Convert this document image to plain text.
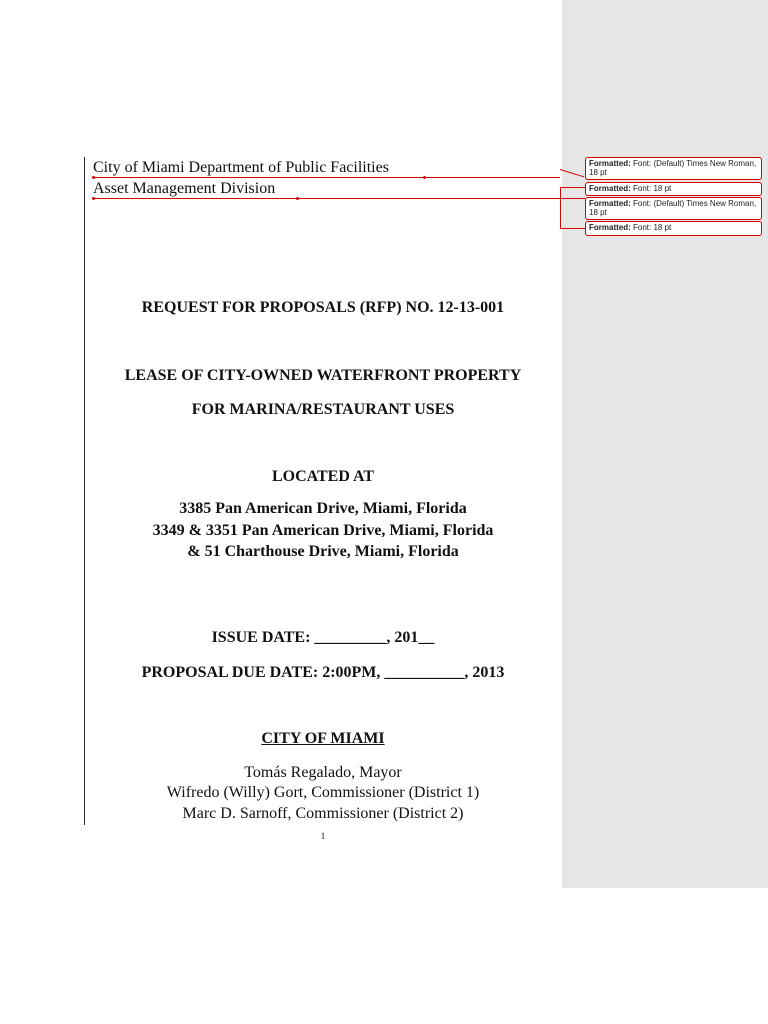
City of Miami Department of Public Facilities
Asset Management Division
Formatted: Font: (Default) Times New Roman, 18 pt
Formatted: Font: 18 pt
Formatted: Font: (Default) Times New Roman, 18 pt
Formatted: Font: 18 pt
REQUEST FOR PROPOSALS (RFP) NO. 12-13-001
LEASE OF CITY-OWNED WATERFRONT PROPERTY
FOR MARINA/RESTAURANT USES
LOCATED AT
3385 Pan American Drive, Miami, Florida
3349 & 3351 Pan American Drive, Miami, Florida
& 51 Charthouse Drive, Miami, Florida
ISSUE DATE: _________, 201__
PROPOSAL DUE DATE: 2:00PM, __________, 2013
CITY OF MIAMI
Tomás Regalado, Mayor
Wifredo (Willy) Gort, Commissioner (District 1)
Marc D. Sarnoff, Commissioner (District 2)
1
